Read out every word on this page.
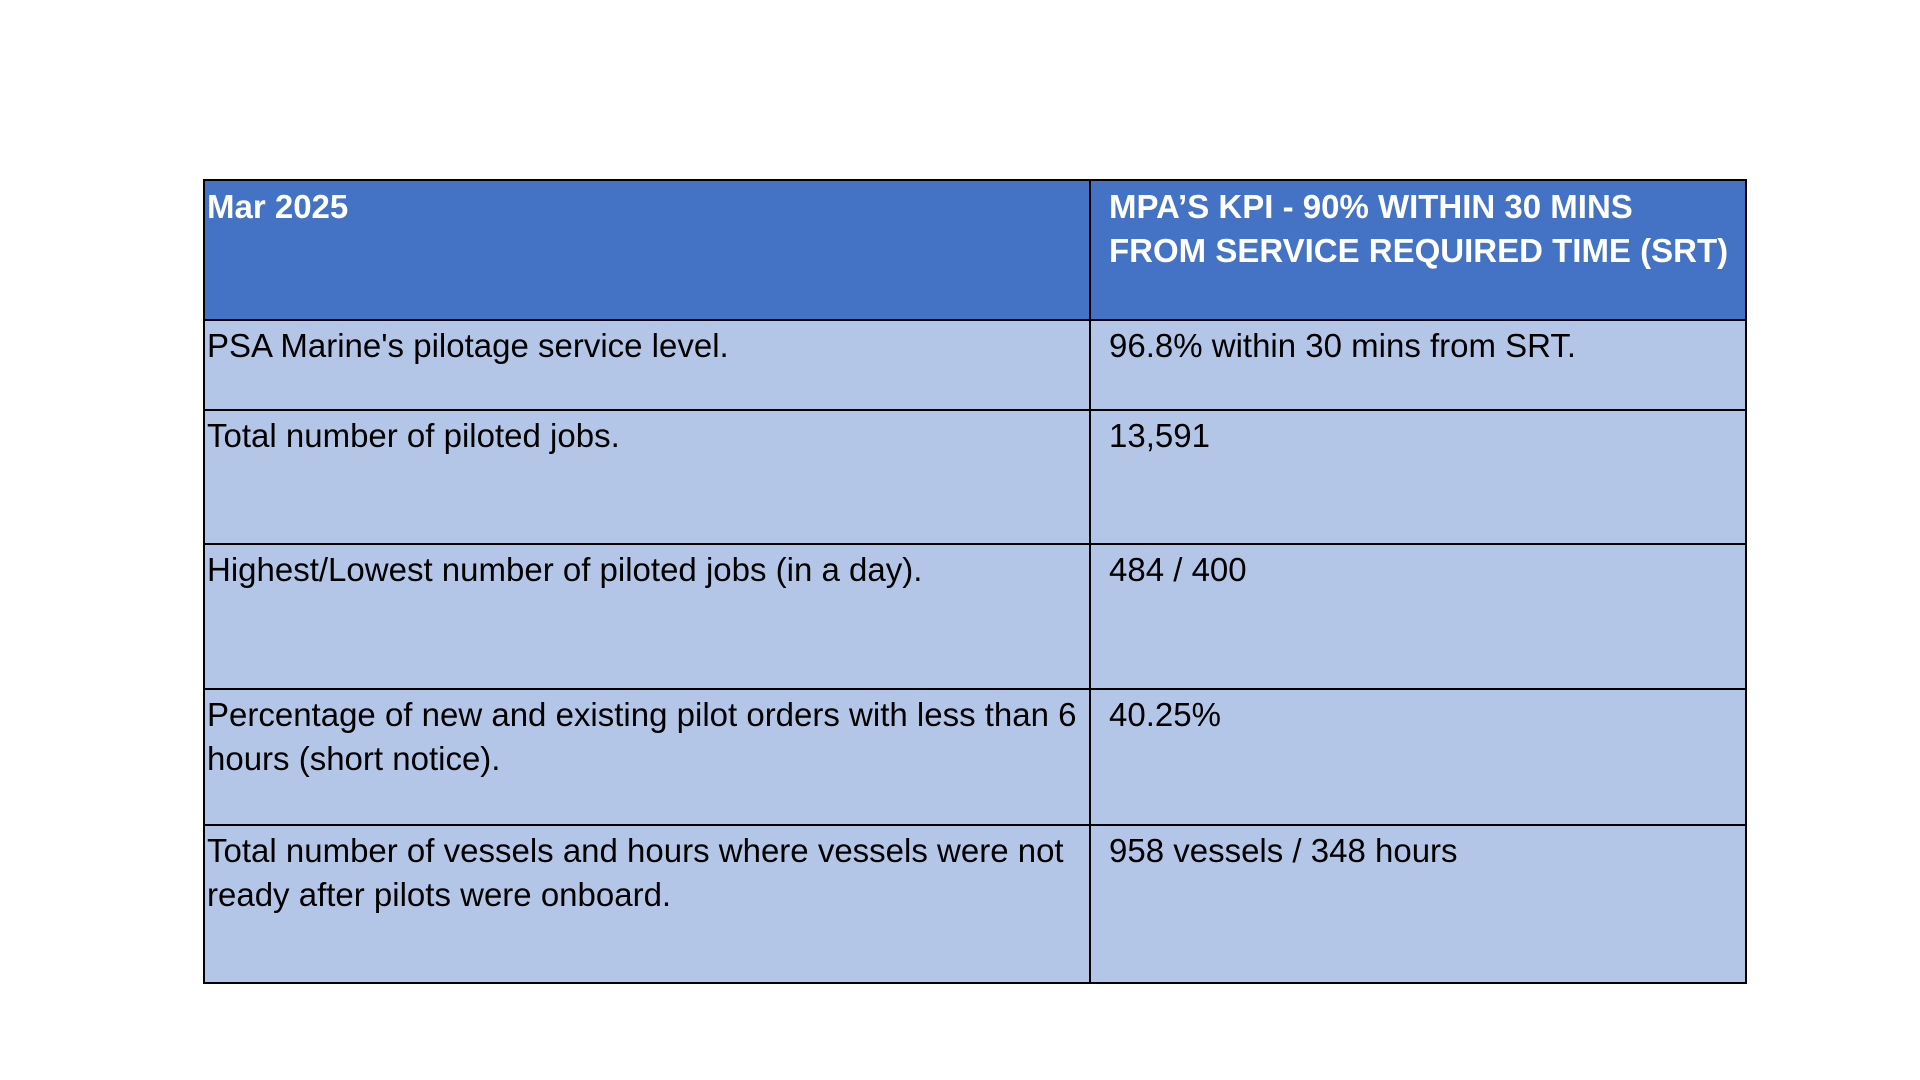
Mar 2025	MPA’S KPI - 90% WITHIN 30 MINS FROM SERVICE REQUIRED TIME (SRT)

PSA Marine's pilotage service level.	96.8% within 30 mins from SRT.

Total number of piloted jobs.	13,591

Highest/Lowest number of piloted jobs (in a day).	484 / 400

Percentage of new and existing pilot orders with less than 6 hours (short notice).	40.25%

Total number of vessels and hours where vessels were not ready after pilots were onboard.	958 vessels / 348 hours
